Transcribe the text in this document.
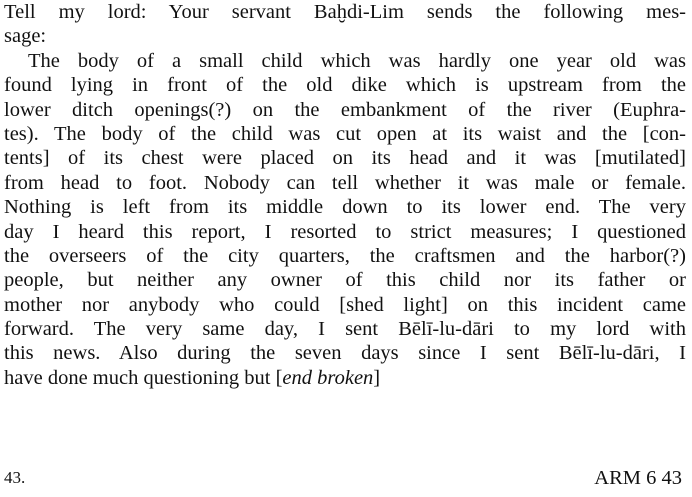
Tell my lord: Your servant Baḫdi-Lim sends the following mes-
sage:
The body of a small child which was hardly one year old was
found lying in front of the old dike which is upstream from the
lower ditch openings(?) on the embankment of the river (Euphra-
tes). The body of the child was cut open at its waist and the [con-
tents] of its chest were placed on its head and it was [mutilated]
from head to foot. Nobody can tell whether it was male or female.
Nothing is left from its middle down to its lower end. The very
day I heard this report, I resorted to strict measures; I questioned
the overseers of the city quarters, the craftsmen and the harbor(?)
people, but neither any owner of this child nor its father or
mother nor anybody who could [shed light] on this incident came
forward. The very same day, I sent Bēlī-lu-dāri to my lord with
this news. Also during the seven days since I sent Bēlī-lu-dāri, I
have done much questioning but [end broken]
43.	ARM 6 43
